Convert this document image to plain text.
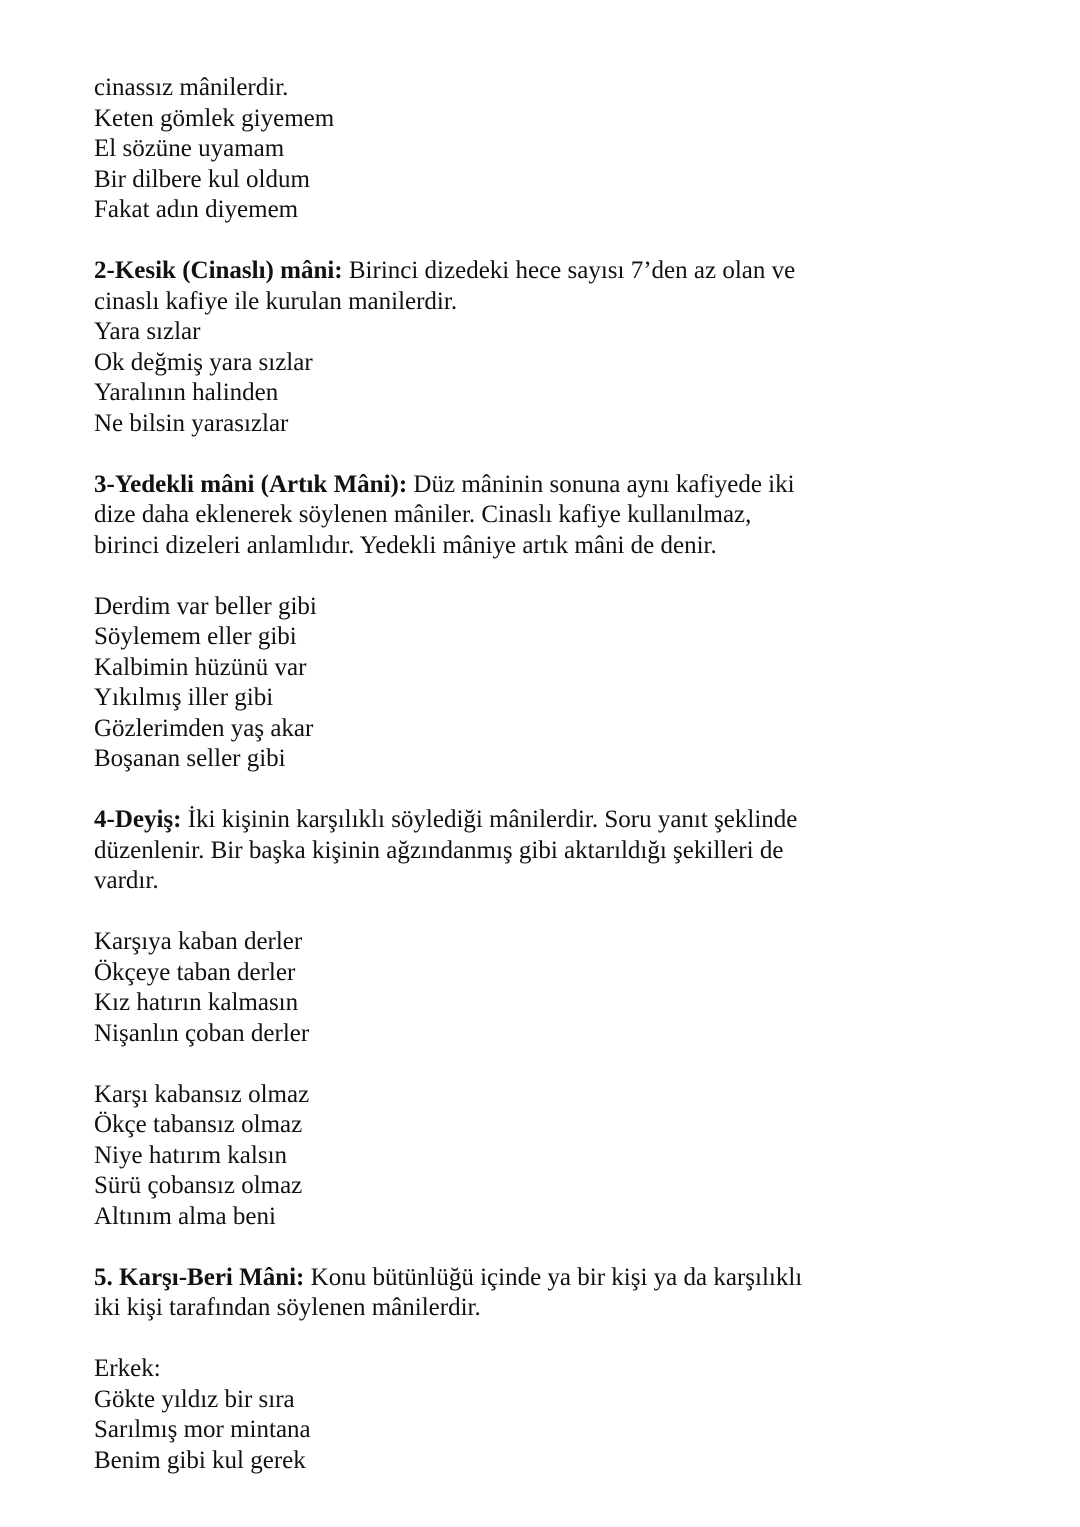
cinassız mânilerdir.
Keten gömlek giyemem
El sözüne uyamam
Bir dilbere kul oldum
Fakat adın diyemem
2-Kesik (Cinaslı) mâni: Birinci dizedeki hece sayısı 7’den az olan ve
cinaslı kafiye ile kurulan manilerdir.
Yara sızlar
Ok değmiş yara sızlar
Yaralının halinden
Ne bilsin yarasızlar
3-Yedekli mâni (Artık Mâni): Düz mâninin sonuna aynı kafiyede iki
dize daha eklenerek söylenen mâniler. Cinaslı kafiye kullanılmaz,
birinci dizeleri anlamlıdır. Yedekli mâniye artık mâni de denir.
Derdim var beller gibi
Söylemem eller gibi
Kalbimin hüzünü var
Yıkılmış iller gibi
Gözlerimden yaş akar
Boşanan seller gibi
4-Deyiş: İki kişinin karşılıklı söylediği mânilerdir. Soru yanıt şeklinde
düzenlenir. Bir başka kişinin ağzındanmış gibi aktarıldığı şekilleri de
vardır.
Karşıya kaban derler
Ökçeye taban derler
Kız hatırın kalmasın
Nişanlın çoban derler
Karşı kabansız olmaz
Ökçe tabansız olmaz
Niye hatırım kalsın
Sürü çobansız olmaz
Altınım alma beni
5. Karşı-Beri Mâni: Konu bütünlüğü içinde ya bir kişi ya da karşılıklı
iki kişi tarafından söylenen mânilerdir.
Erkek:
Gökte yıldız bir sıra
Sarılmış mor mintana
Benim gibi kul gerek
